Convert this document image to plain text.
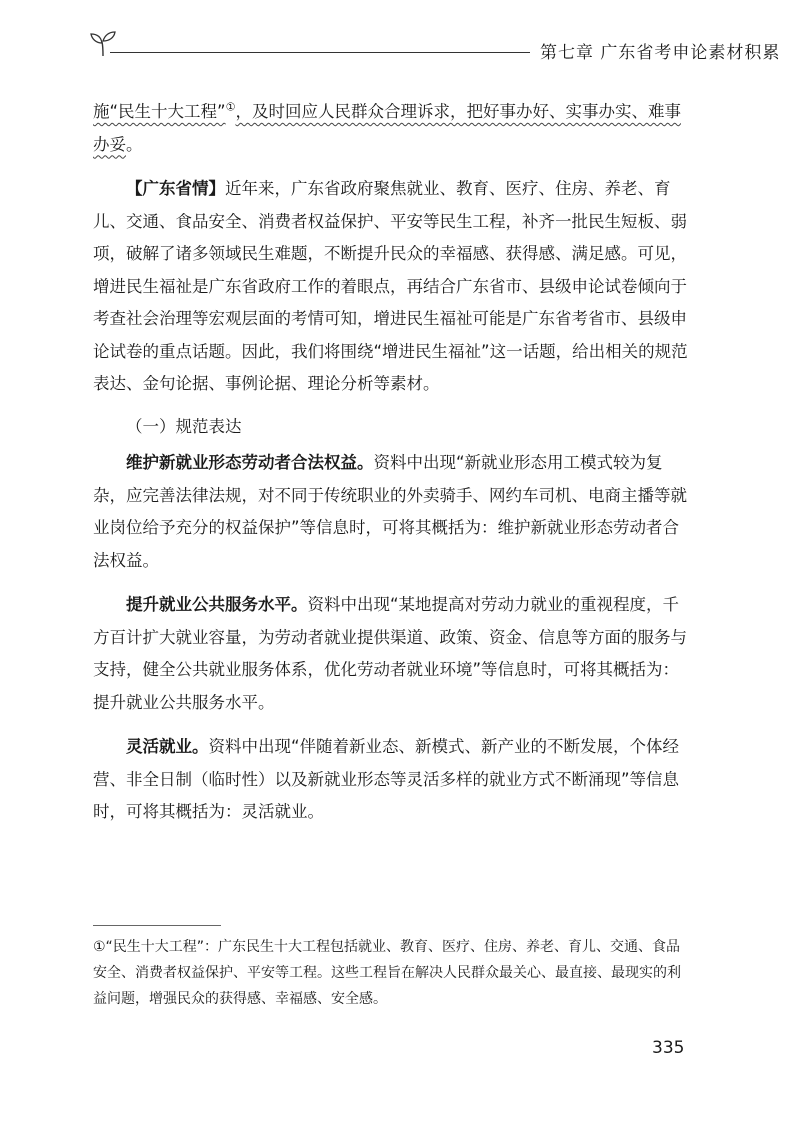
第七章 广东省考申论素材积累

施“民生十大工程”①，及时回应人民群众合理诉求，把好事办好、实事办实、难事办妥。

【广东省情】近年来，广东省政府聚焦就业、教育、医疗、住房、养老、育儿、交通、食品安全、消费者权益保护、平安等民生工程，补齐一批民生短板、弱项，破解了诸多领域民生难题，不断提升民众的幸福感、获得感、满足感。可见，增进民生福祉是广东省政府工作的着眼点，再结合广东省市、县级申论试卷倾向于考查社会治理等宏观层面的考情可知，增进民生福祉可能是广东省考省市、县级申论试卷的重点话题。因此，我们将围绕“增进民生福祉”这一话题，给出相关的规范表达、金句论据、事例论据、理论分析等素材。

（一）规范表达

维护新就业形态劳动者合法权益。资料中出现“新就业形态用工模式较为复杂，应完善法律法规，对不同于传统职业的外卖骑手、网约车司机、电商主播等就业岗位给予充分的权益保护”等信息时，可将其概括为：维护新就业形态劳动者合法权益。

提升就业公共服务水平。资料中出现“某地提高对劳动力就业的重视程度，千方百计扩大就业容量，为劳动者就业提供渠道、政策、资金、信息等方面的服务与支持，健全公共就业服务体系，优化劳动者就业环境”等信息时，可将其概括为：提升就业公共服务水平。

灵活就业。资料中出现“伴随着新业态、新模式、新产业的不断发展，个体经营、非全日制（临时性）以及新就业形态等灵活多样的就业方式不断涌现”等信息时，可将其概括为：灵活就业。

①“民生十大工程”：广东民生十大工程包括就业、教育、医疗、住房、养老、育儿、交通、食品安全、消费者权益保护、平安等工程。这些工程旨在解决人民群众最关心、最直接、最现实的利益问题，增强民众的获得感、幸福感、安全感。

335
